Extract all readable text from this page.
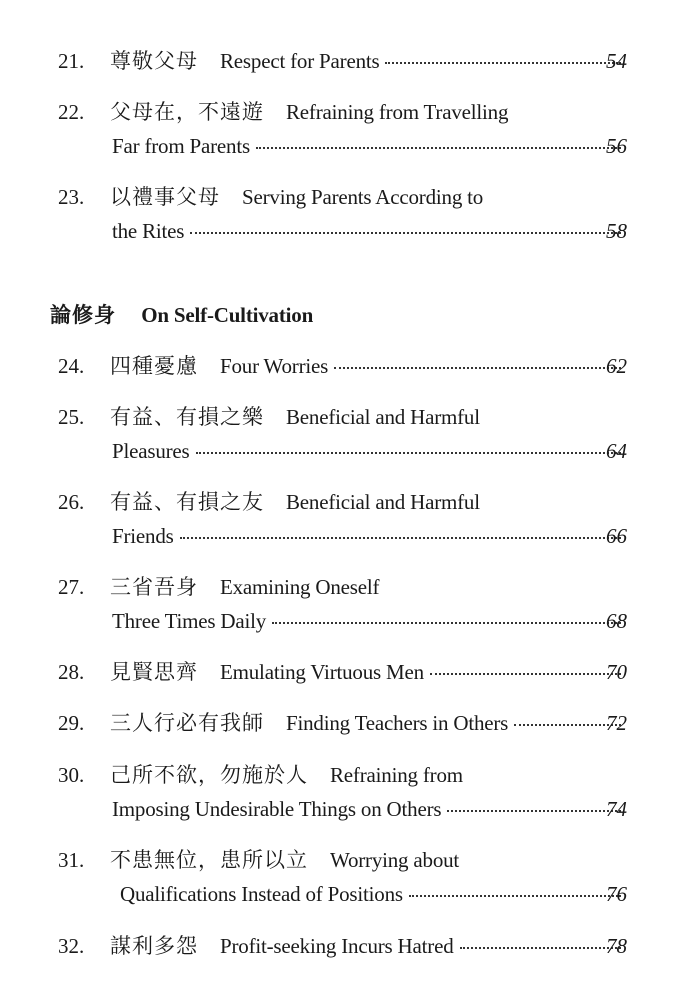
21.	尊敬父母 Respect for Parents	54
22.	父母在，不遠遊 Refraining from Travelling
Far from Parents	56
23.	以禮事父母 Serving Parents According to
the Rites	58
論修身 On Self-Cultivation
24.	四種憂慮 Four Worries	62
25.	有益、有損之樂 Beneficial and Harmful
Pleasures	64
26.	有益、有損之友 Beneficial and Harmful
Friends	66
27.	三省吾身 Examining Oneself
Three Times Daily	68
28.	見賢思齊 Emulating Virtuous Men	70
29.	三人行必有我師 Finding Teachers in Others	72
30.	己所不欲，勿施於人 Refraining from
Imposing Undesirable Things on Others	74
31.	不患無位，患所以立 Worrying about
Qualifications Instead of Positions	76
32.	謀利多怨 Profit-seeking Incurs Hatred	78
